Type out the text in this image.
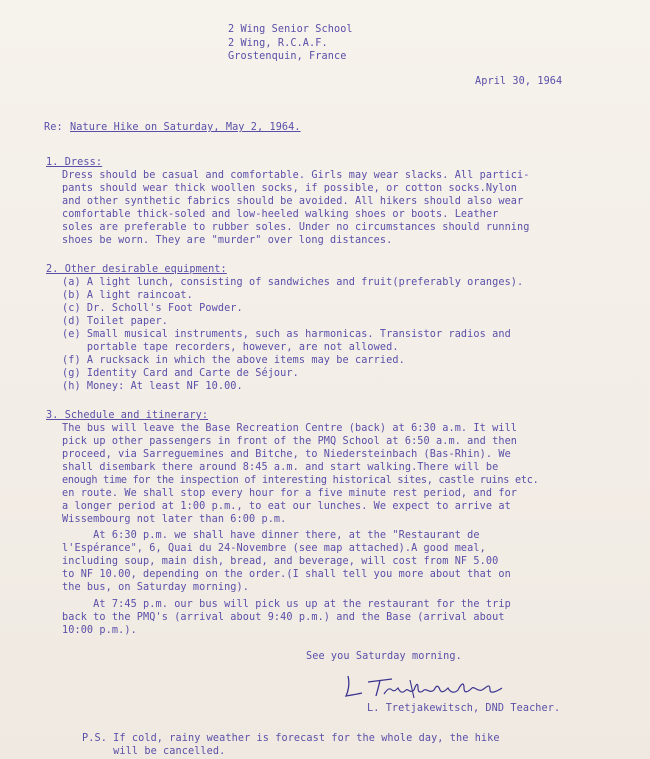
2 Wing Senior School
2 Wing, R.C.A.F.
Grostenquin, France
April 30, 1964
Re: Nature Hike on Saturday, May 2, 1964.
1. Dress:
Dress should be casual and comfortable. Girls may wear slacks. All partici-
pants should wear thick woollen socks, if possible, or cotton socks.Nylon
and other synthetic fabrics should be avoided. All hikers should also wear
comfortable thick-soled and low-heeled walking shoes or boots. Leather
soles are preferable to rubber soles. Under no circumstances should running
shoes be worn. They are "murder" over long distances.
2. Other desirable equipment:
(a) A light lunch, consisting of sandwiches and fruit(preferably oranges).
(b) A light raincoat.
(c) Dr. Scholl's Foot Powder.
(d) Toilet paper.
(e) Small musical instruments, such as harmonicas. Transistor radios and
portable tape recorders, however, are not allowed.
(f) A rucksack in which the above items may be carried.
(g) Identity Card and Carte de Séjour.
(h) Money: At least NF 10.00.
3. Schedule and itinerary:
The bus will leave the Base Recreation Centre (back) at 6:30 a.m. It will
pick up other passengers in front of the PMQ School at 6:50 a.m. and then
proceed, via Sarreguemines and Bitche, to Niedersteinbach (Bas-Rhin). We
shall disembark there around 8:45 a.m. and start walking.There will be
enough time for the inspection of interesting historical sites, castle ruins etc.
en route. We shall stop every hour for a five minute rest period, and for
a longer period at 1:00 p.m., to eat our lunches. We expect to arrive at
Wissembourg not later than 6:00 p.m.
At 6:30 p.m. we shall have dinner there, at the "Restaurant de
l'Espérance", 6, Quai du 24-Novembre (see map attached).A good meal,
including soup, main dish, bread, and beverage, will cost from NF 5.00
to NF 10.00, depending on the order.(I shall tell you more about that on
the bus, on Saturday morning).
At 7:45 p.m. our bus will pick us up at the restaurant for the trip
back to the PMQ's (arrival about 9:40 p.m.) and the Base (arrival about
10:00 p.m.).
See you Saturday morning.
L. Tretjakewitsch, DND Teacher.
P.S. If cold, rainy weather is forecast for the whole day, the hike
will be cancelled.
